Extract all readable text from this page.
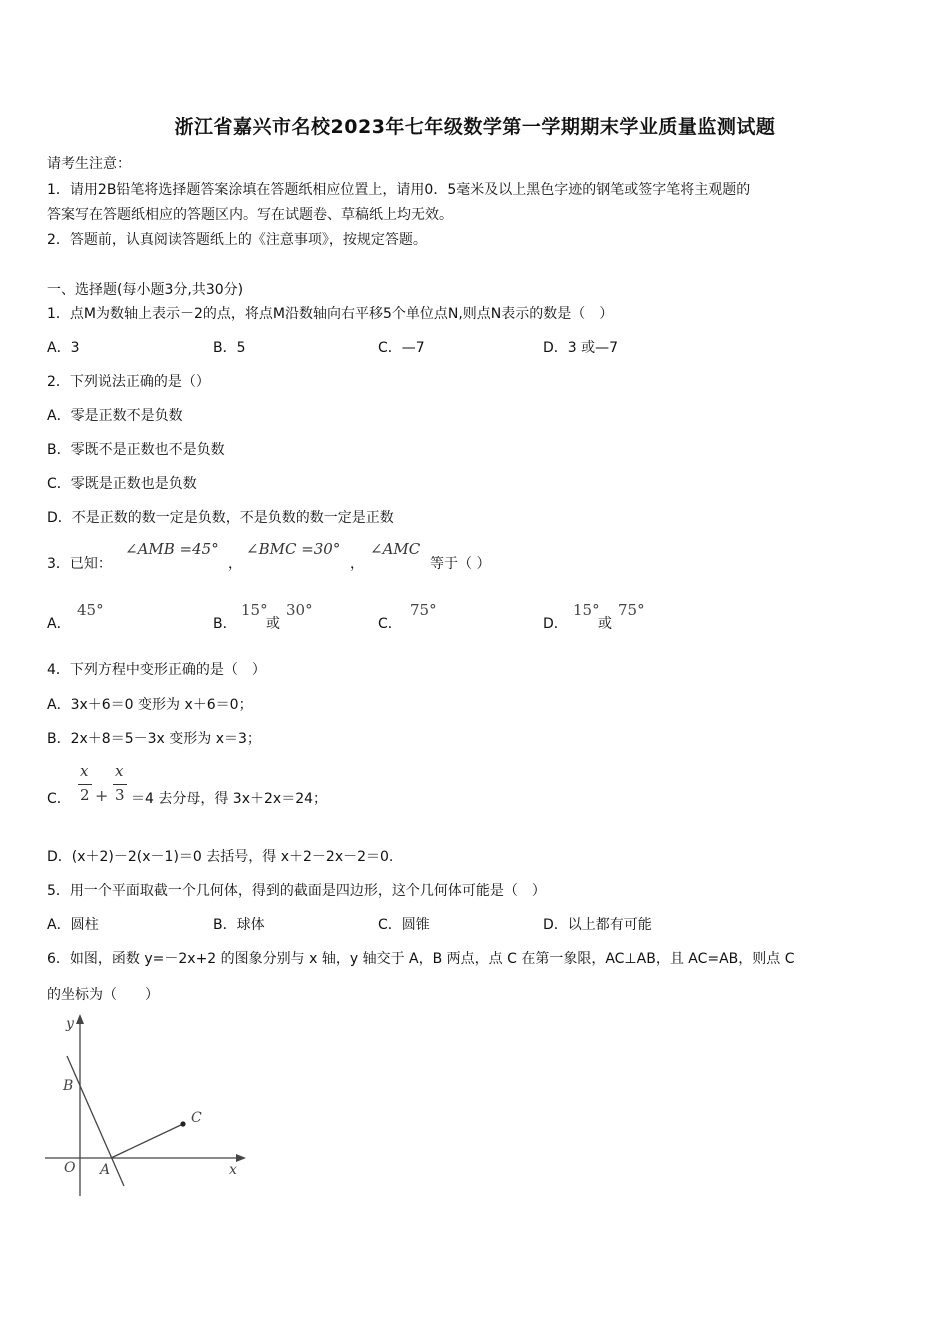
浙江省嘉兴市名校2023年七年级数学第一学期期末学业质量监测试题
请考生注意：
1．请用2B铅笔将选择题答案涂填在答题纸相应位置上，请用0．5毫米及以上黑色字迹的钢笔或签字笔将主观题的
答案写在答题纸相应的答题区内。写在试题卷、草稿纸上均无效。
2．答题前，认真阅读答题纸上的《注意事项》，按规定答题。
一、选择题(每小题3分,共30分)
1．点M为数轴上表示－2的点，将点M沿数轴向右平移5个单位点N,则点N表示的数是（　）
A．3	B．5	C．—7	D．3 或—7
2．下列说法正确的是（）
A．零是正数不是负数
B．零既不是正数也不是负数
C．零既是正数也是负数
D．不是正数的数一定是负数，不是负数的数一定是正数
3．已知：
∠AMB =45°
，
∠BMC =30°
，
∠AMC
等于（ ）
A．
45°
B．
15°
或
30°
C．
75°
D．
15°
或
75°
4．下列方程中变形正确的是（　）
A．3x＋6＝0 变形为 x＋6＝0；
B．2x＋8＝5－3x 变形为 x＝3；
C．
x
2 +
x
3 ＝4 去分母，得 3x＋2x＝24；
D．(x＋2)－2(x－1)＝0 去括号，得 x＋2－2x－2＝0.
5．用一个平面取截一个几何体，得到的截面是四边形，这个几何体可能是（　）
A．圆柱	B．球体	C．圆锥	D．以上都有可能
6．如图，函数 y=－2x+2 的图象分别与 x 轴，y 轴交于 A，B 两点，点 C 在第一象限，AC⊥AB，且 AC=AB，则点 C
的坐标为（　　）
y
B
C
O A	x
